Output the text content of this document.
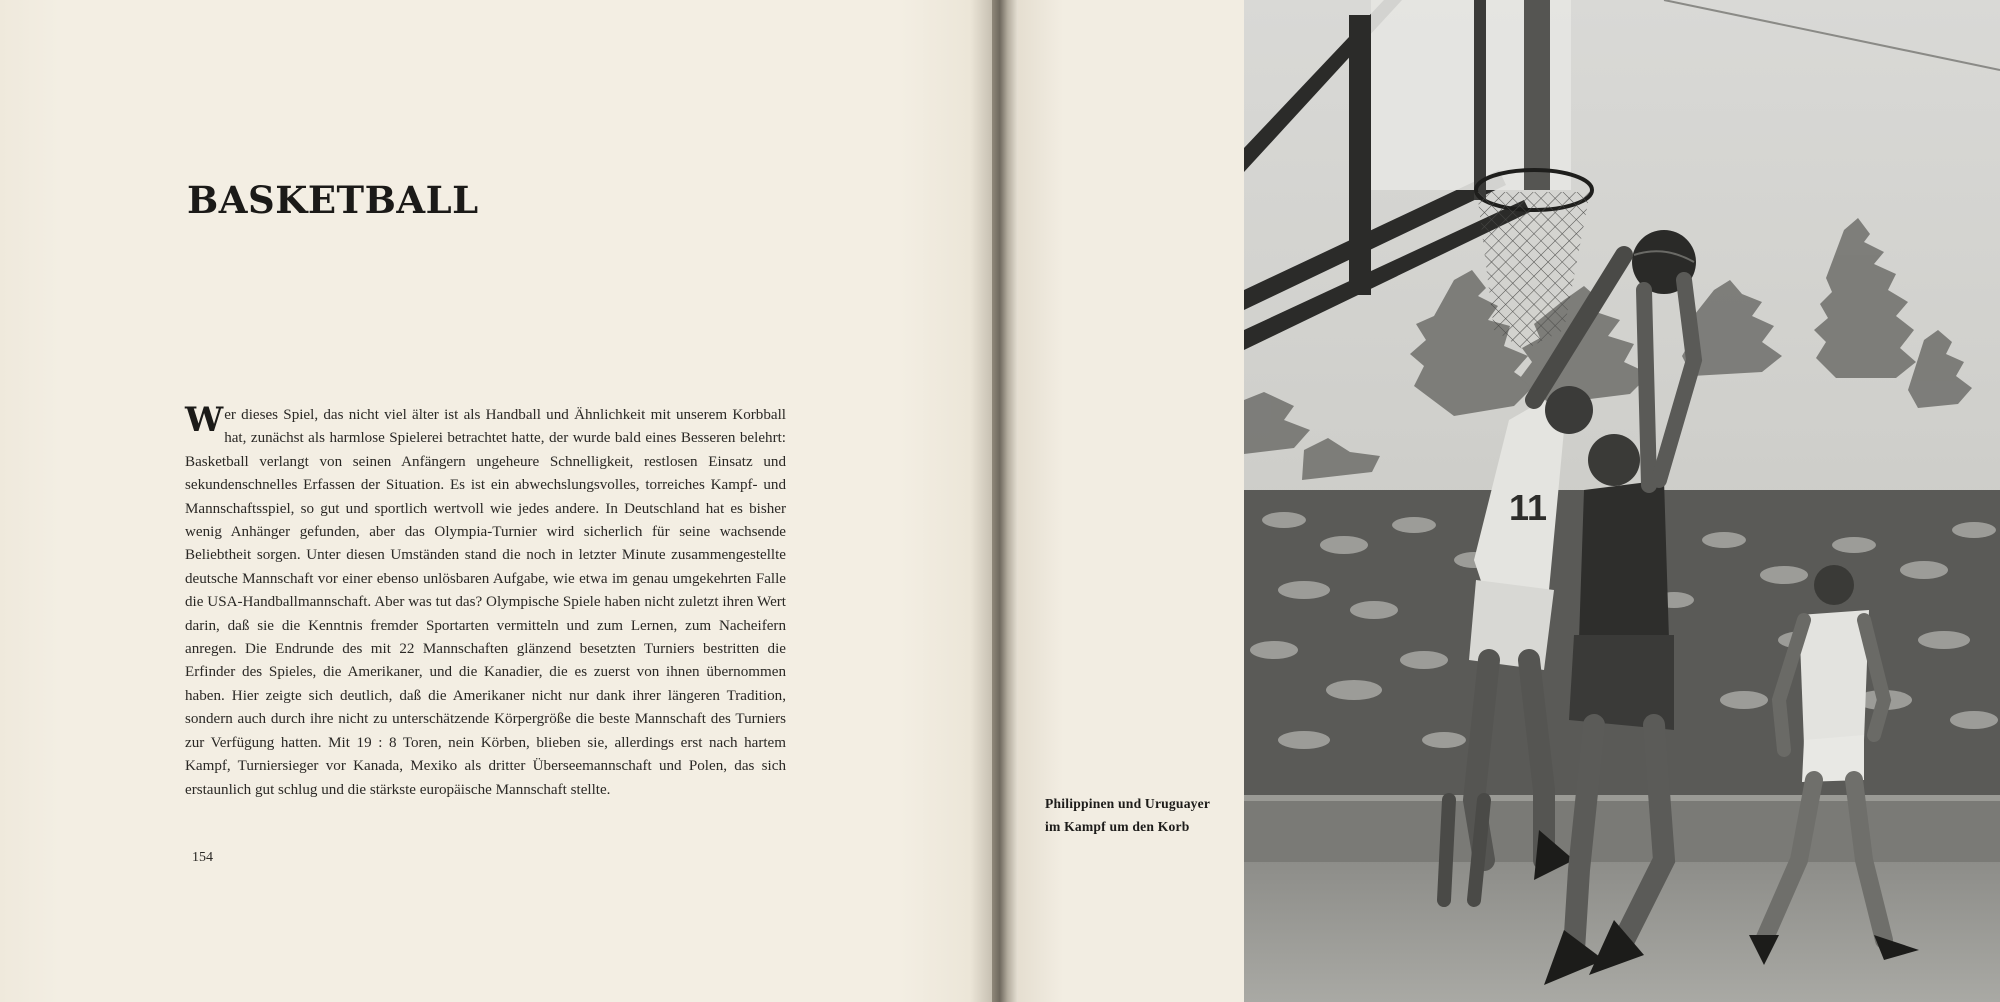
BASKETBALL

Wer dieses Spiel, das nicht viel älter ist als Handball und Ähnlichkeit mit unserem Korbball hat, zunächst als harmlose Spielerei betrachtet hatte, der wurde bald eines Besseren belehrt: Basketball verlangt von seinen Anfängern ungeheure Schnelligkeit, restlosen Einsatz und sekundenschnelles Erfassen der Situation. Es ist ein abwechslungsvolles, torreiches Kampf- und Mannschaftsspiel, so gut und sportlich wertvoll wie jedes andere. In Deutschland hat es bisher wenig Anhänger gefunden, aber das Olympia-Turnier wird sicherlich für seine wachsende Beliebtheit sorgen. Unter diesen Umständen stand die noch in letzter Minute zusammengestellte deutsche Mannschaft vor einer ebenso unlösbaren Aufgabe, wie etwa im genau umgekehrten Falle die USA-Handballmannschaft. Aber was tut das? Olympische Spiele haben nicht zuletzt ihren Wert darin, daß sie die Kenntnis fremder Sportarten vermitteln und zum Lernen, zum Nacheifern anregen. Die Endrunde des mit 22 Mannschaften glänzend besetzten Turniers bestritten die Erfinder des Spieles, die Amerikaner, und die Kanadier, die es zuerst von ihnen übernommen haben. Hier zeigte sich deutlich, daß die Amerikaner nicht nur dank ihrer längeren Tradition, sondern auch durch ihre nicht zu unterschätzende Körpergröße die beste Mannschaft des Turniers zur Verfügung hatten. Mit 19 : 8 Toren, nein Körben, blieben sie, allerdings erst nach hartem Kampf, Turniersieger vor Kanada, Mexiko als dritter Überseemannschaft und Polen, das sich erstaunlich gut schlug und die stärkste europäische Mannschaft stellte.

154

Philippinen und Uruguayer
im Kampf um den Korb

11
